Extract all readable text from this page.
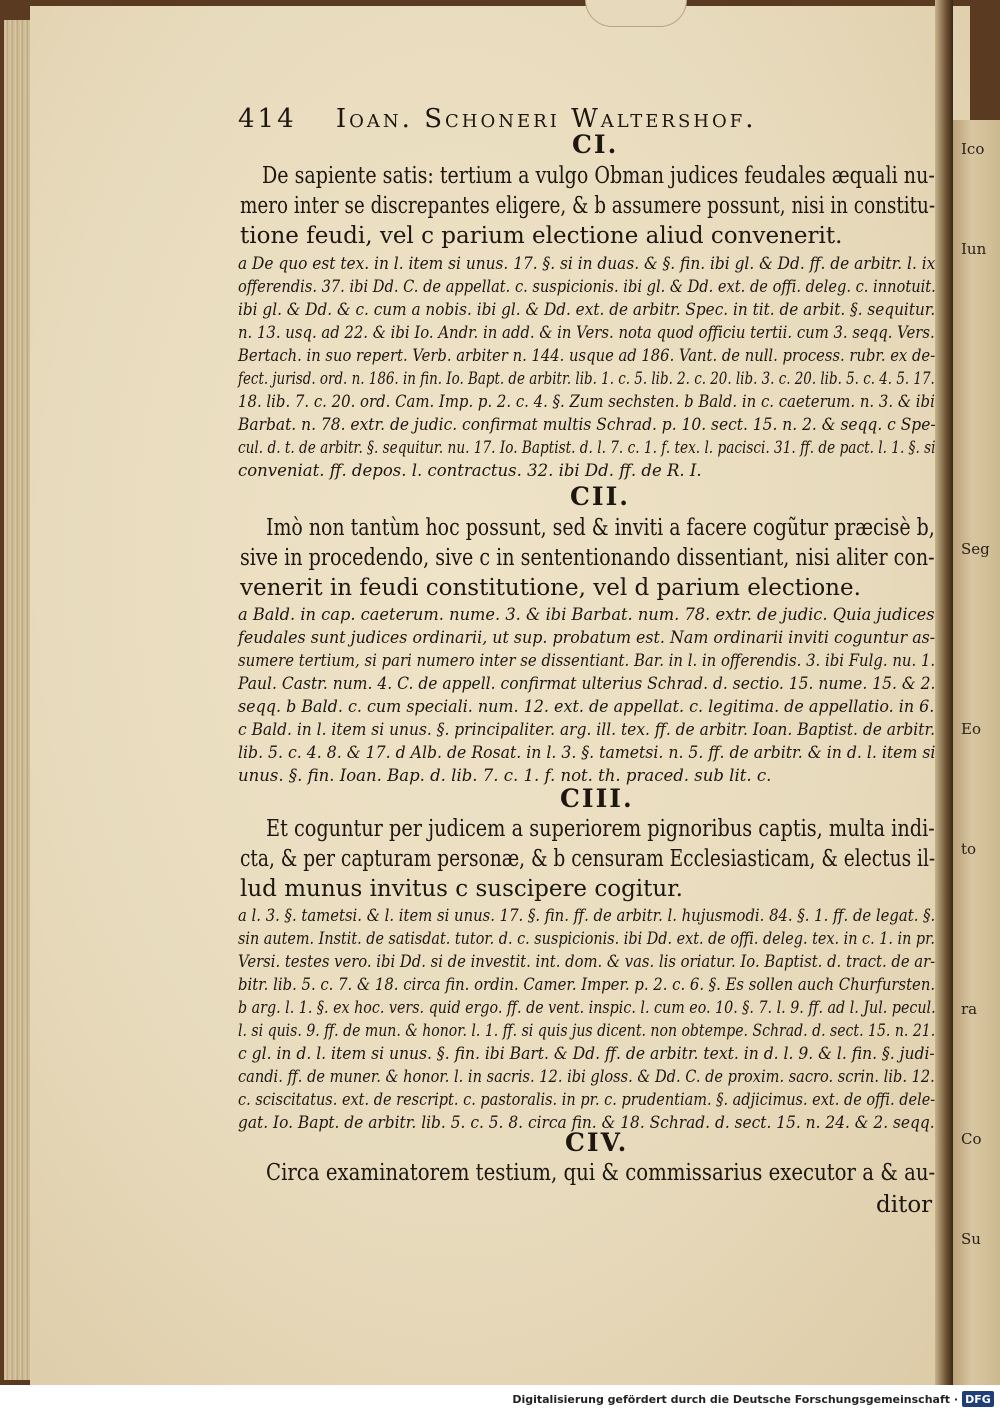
Ico
Iun
Seg
Eo
to
ra
Co
Su
414 Ioan. Schoneri Waltershof.
CI.
De sapiente satis: tertium a vulgo Obman judices feudales æquali nu-
mero inter se discrepantes eligere, & b assumere possunt, nisi in constitu-
tione feudi, vel c parium electione aliud convenerit.
a De quo est tex. in l. item si unus. 17. §. si in duas. & §. fin. ibi gl. & Dd. ff. de arbitr. l. ix
offerendis. 37. ibi Dd. C. de appellat. c. suspicionis. ibi gl. & Dd. ext. de offi. deleg. c. innotuit.
ibi gl. & Dd. & c. cum a nobis. ibi gl. & Dd. ext. de arbitr. Spec. in tit. de arbit. §. sequitur.
n. 13. usq. ad 22. & ibi Io. Andr. in add. & in Vers. nota quod officiu tertii. cum 3. seqq. Vers.
Bertach. in suo repert. Verb. arbiter n. 144. usque ad 186. Vant. de null. process. rubr. ex de-
fect. jurisd. ord. n. 186. in fin. Io. Bapt. de arbitr. lib. 1. c. 5. lib. 2. c. 20. lib. 3. c. 20. lib. 5. c. 4. 5. 17.
18. lib. 7. c. 20. ord. Cam. Imp. p. 2. c. 4. §. Zum sechsten. b Bald. in c. caeterum. n. 3. & ibi
Barbat. n. 78. extr. de judic. confirmat multis Schrad. p. 10. sect. 15. n. 2. & seqq. c Spe-
cul. d. t. de arbitr. §. sequitur. nu. 17. Io. Baptist. d. l. 7. c. 1. f. tex. l. pacisci. 31. ff. de pact. l. 1. §. si
conveniat. ff. depos. l. contractus. 32. ibi Dd. ff. de R. I.
CII.
Imò non tantùm hoc possunt, sed & inviti a facere cogũtur præcisè b,
sive in procedendo, sive c in sententionando dissentiant, nisi aliter con-
venerit in feudi constitutione, vel d parium electione.
a Bald. in cap. caeterum. nume. 3. & ibi Barbat. num. 78. extr. de judic. Quia judices
feudales sunt judices ordinarii, ut sup. probatum est. Nam ordinarii inviti coguntur as-
sumere tertium, si pari numero inter se dissentiant. Bar. in l. in offerendis. 3. ibi Fulg. nu. 1.
Paul. Castr. num. 4. C. de appell. confirmat ulterius Schrad. d. sectio. 15. nume. 15. & 2.
seqq. b Bald. c. cum speciali. num. 12. ext. de appellat. c. legitima. de appellatio. in 6.
c Bald. in l. item si unus. §. principaliter. arg. ill. tex. ff. de arbitr. Ioan. Baptist. de arbitr.
lib. 5. c. 4. 8. & 17. d Alb. de Rosat. in l. 3. §. tametsi. n. 5. ff. de arbitr. & in d. l. item si
unus. §. fin. Ioan. Bap. d. lib. 7. c. 1. f. not. th. praced. sub lit. c.
CIII.
Et coguntur per judicem a superiorem pignoribus captis, multa indi-
cta, & per capturam personæ, & b censuram Ecclesiasticam, & electus il-
lud munus invitus c suscipere cogitur.
a l. 3. §. tametsi. & l. item si unus. 17. §. fin. ff. de arbitr. l. hujusmodi. 84. §. 1. ff. de legat. §.
sin autem. Instit. de satisdat. tutor. d. c. suspicionis. ibi Dd. ext. de offi. deleg. tex. in c. 1. in pr.
Versi. testes vero. ibi Dd. si de investit. int. dom. & vas. lis oriatur. Io. Baptist. d. tract. de ar-
bitr. lib. 5. c. 7. & 18. circa fin. ordin. Camer. Imper. p. 2. c. 6. §. Es sollen auch Churfursten.
b arg. l. 1. §. ex hoc. vers. quid ergo. ff. de vent. inspic. l. cum eo. 10. §. 7. l. 9. ff. ad l. Jul. pecul.
l. si quis. 9. ff. de mun. & honor. l. 1. ff. si quis jus dicent. non obtempe. Schrad. d. sect. 15. n. 21.
c gl. in d. l. item si unus. §. fin. ibi Bart. & Dd. ff. de arbitr. text. in d. l. 9. & l. fin. §. judi-
candi. ff. de muner. & honor. l. in sacris. 12. ibi gloss. & Dd. C. de proxim. sacro. scrin. lib. 12.
c. sciscitatus. ext. de rescript. c. pastoralis. in pr. c. prudentiam. §. adjicimus. ext. de offi. dele-
gat. Io. Bapt. de arbitr. lib. 5. c. 5. 8. circa fin. & 18. Schrad. d. sect. 15. n. 24. & 2. seqq.
CIV.
Circa examinatorem testium, qui & commissarius executor a & au-
ditor
Digitalisierung gefördert durch die Deutsche Forschungsgemeinschaft · DFG
